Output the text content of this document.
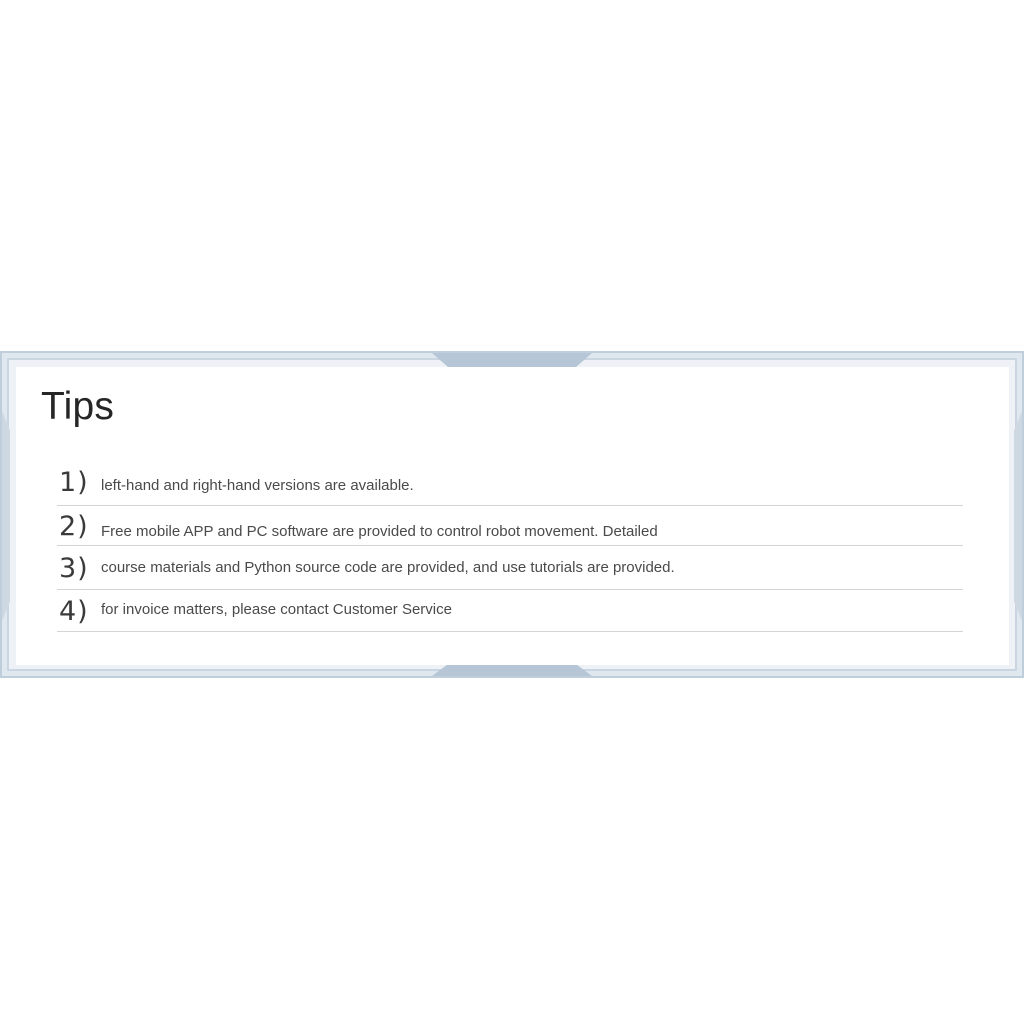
Tips
1) left-hand and right-hand versions are available.
2) Free mobile APP and PC software are provided to control robot movement. Detailed
3) course materials and Python source code are provided, and use tutorials are provided.
4) for invoice matters, please contact Customer Service
